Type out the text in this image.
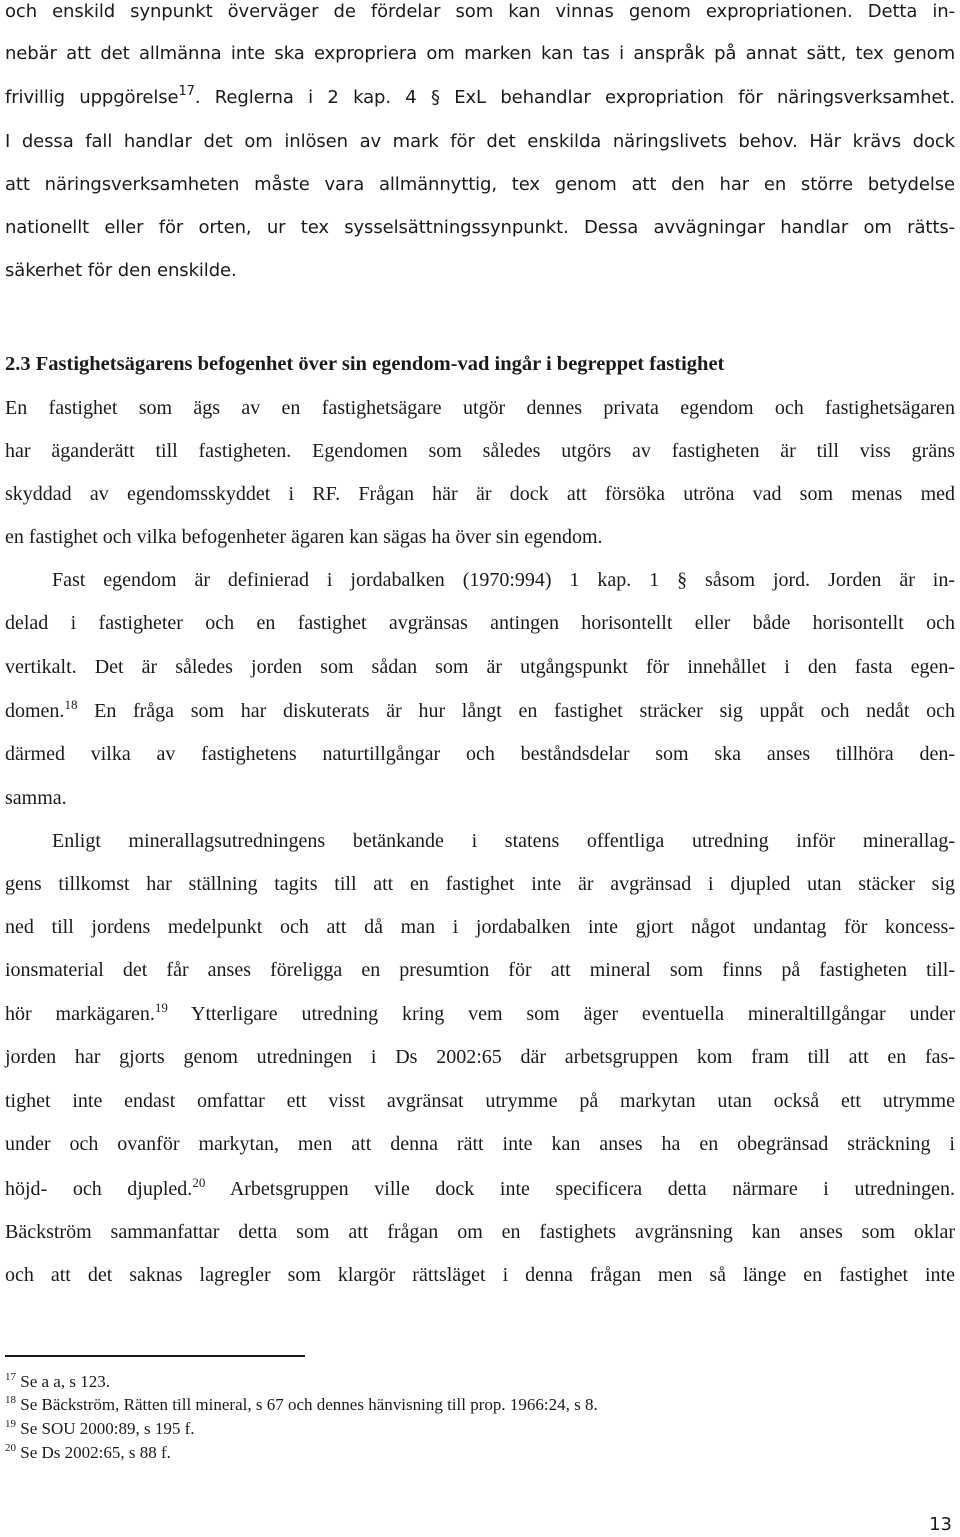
och enskild synpunkt överväger de fördelar som kan vinnas genom expropriationen. Detta in-
nebär att det allmänna inte ska expropriera om marken kan tas i anspråk på annat sätt, tex genom
frivillig uppgörelse$^{17}$. Reglerna i 2 kap. 4 § ExL behandlar expropriation för näringsverksamhet.
I dessa fall handlar det om inlösen av mark för det enskilda näringslivets behov. Här krävs dock
att näringsverksamheten måste vara allmännyttig, tex genom att den har en större betydelse
nationellt eller för orten, ur tex sysselsättningssynpunkt. Dessa avvägningar handlar om rätts-
säkerhet för den enskilde.
2.3 Fastighetsägarens befogenhet över sin egendom-vad ingår i begreppet fastighet
En fastighet som ägs av en fastighetsägare utgör dennes privata egendom och fastighetsägaren
har äganderätt till fastigheten. Egendomen som således utgörs av fastigheten är till viss gräns
skyddad av egendomsskyddet i RF. Frågan här är dock att försöka utröna vad som menas med
en fastighet och vilka befogenheter ägaren kan sägas ha över sin egendom.
Fast egendom är definierad i jordabalken (1970:994) 1 kap. 1 § såsom jord. Jorden är in-
delad i fastigheter och en fastighet avgränsas antingen horisontellt eller både horisontellt och
vertikalt. Det är således jorden som sådan som är utgångspunkt för innehållet i den fasta egen-
domen.$^{18}$ En fråga som har diskuterats är hur långt en fastighet sträcker sig uppåt och nedåt och
därmed vilka av fastighetens naturtillgångar och beståndsdelar som ska anses tillhöra den-
samma.
Enligt minerallagsutredningens betänkande i statens offentliga utredning inför minerallag-
gens tillkomst har ställning tagits till att en fastighet inte är avgränsad i djupled utan stäcker sig
ned till jordens medelpunkt och att då man i jordabalken inte gjort något undantag för koncess-
ionsmaterial det får anses föreligga en presumtion för att mineral som finns på fastigheten till-
hör markägaren.$^{19}$ Ytterligare utredning kring vem som äger eventuella mineraltillgångar under
jorden har gjorts genom utredningen i Ds 2002:65 där arbetsgruppen kom fram till att en fas-
tighet inte endast omfattar ett visst avgränsat utrymme på markytan utan också ett utrymme
under och ovanför markytan, men att denna rätt inte kan anses ha en obegränsad sträckning i
höjd- och djupled.$^{20}$ Arbetsgruppen ville dock inte specificera detta närmare i utredningen.
Bäckström sammanfattar detta som att frågan om en fastighets avgränsning kan anses som oklar
och att det saknas lagregler som klargör rättsläget i denna frågan men så länge en fastighet inte
$^{17}$ Se a a, s 123.
$^{18}$ Se Bäckström, Rätten till mineral, s 67 och dennes hänvisning till prop. 1966:24, s 8.
$^{19}$ Se SOU 2000:89, s 195 f.
$^{20}$ Se Ds 2002:65, s 88 f.
13
